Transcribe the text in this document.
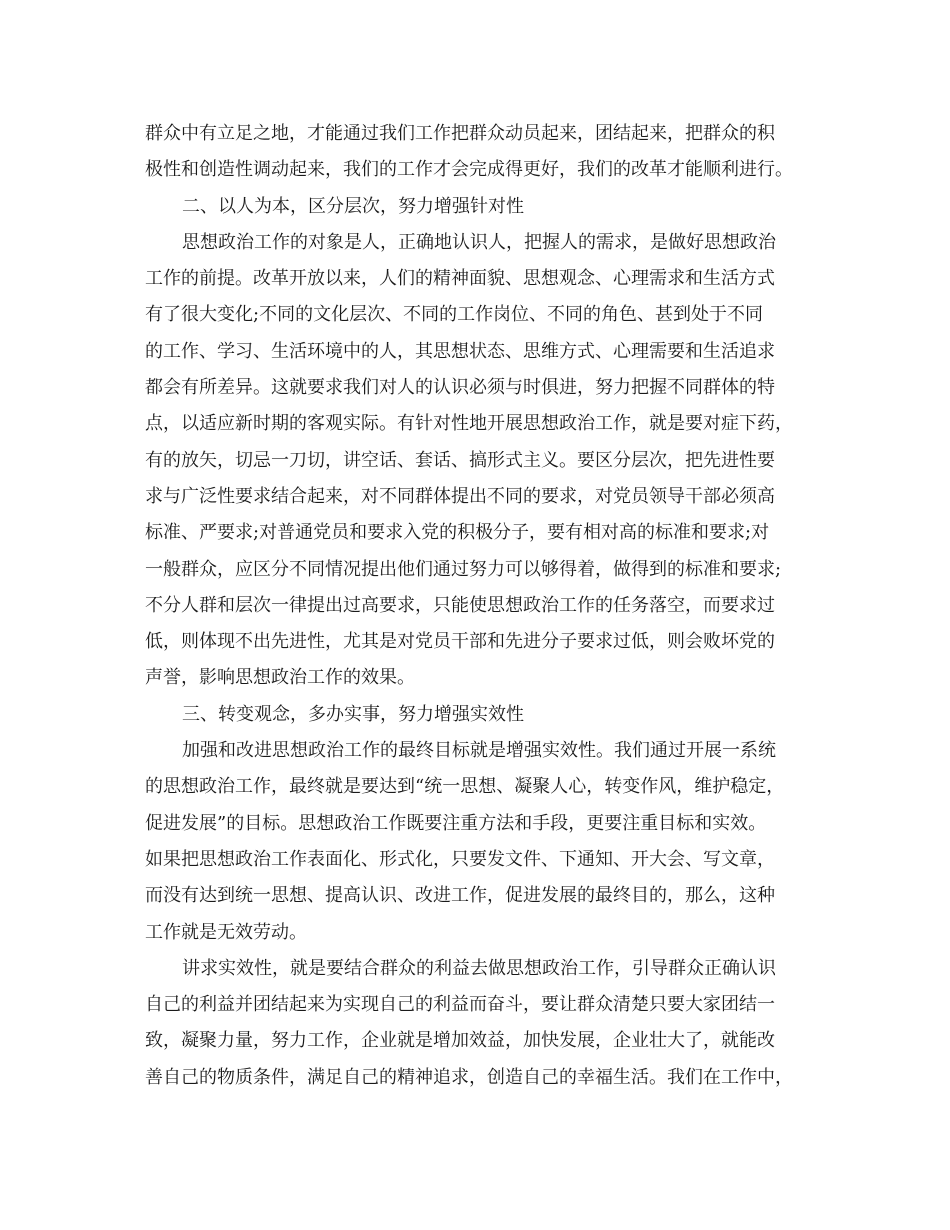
群众中有立足之地，才能通过我们工作把群众动员起来，团结起来，把群众的积
极性和创造性调动起来，我们的工作才会完成得更好，我们的改革才能顺利进行。
二、以人为本，区分层次，努力增强针对性
思想政治工作的对象是人，正确地认识人，把握人的需求，是做好思想政治
工作的前提。改革开放以来，人们的精神面貌、思想观念、心理需求和生活方式
有了很大变化;不同的文化层次、不同的工作岗位、不同的角色、甚到处于不同
的工作、学习、生活环境中的人，其思想状态、思维方式、心理需要和生活追求
都会有所差异。这就要求我们对人的认识必须与时俱进，努力把握不同群体的特
点，以适应新时期的客观实际。有针对性地开展思想政治工作，就是要对症下药，
有的放矢，切忌一刀切，讲空话、套话、搞形式主义。要区分层次，把先进性要
求与广泛性要求结合起来，对不同群体提出不同的要求，对党员领导干部必须高
标准、严要求;对普通党员和要求入党的积极分子，要有相对高的标准和要求;对
一般群众，应区分不同情况提出他们通过努力可以够得着，做得到的标准和要求;
不分人群和层次一律提出过高要求，只能使思想政治工作的任务落空，而要求过
低，则体现不出先进性，尤其是对党员干部和先进分子要求过低，则会败坏党的
声誉，影响思想政治工作的效果。
三、转变观念，多办实事，努力增强实效性
加强和改进思想政治工作的最终目标就是增强实效性。我们通过开展一系统
的思想政治工作，最终就是要达到“统一思想、凝聚人心，转变作风，维护稳定，
促进发展”的目标。思想政治工作既要注重方法和手段，更要注重目标和实效。
如果把思想政治工作表面化、形式化，只要发文件、下通知、开大会、写文章，
而没有达到统一思想、提高认识、改进工作，促进发展的最终目的，那么，这种
工作就是无效劳动。
讲求实效性，就是要结合群众的利益去做思想政治工作，引导群众正确认识
自己的利益并团结起来为实现自己的利益而奋斗，要让群众清楚只要大家团结一
致，凝聚力量，努力工作，企业就是增加效益，加快发展，企业壮大了，就能改
善自己的物质条件，满足自己的精神追求，创造自己的幸福生活。我们在工作中，
